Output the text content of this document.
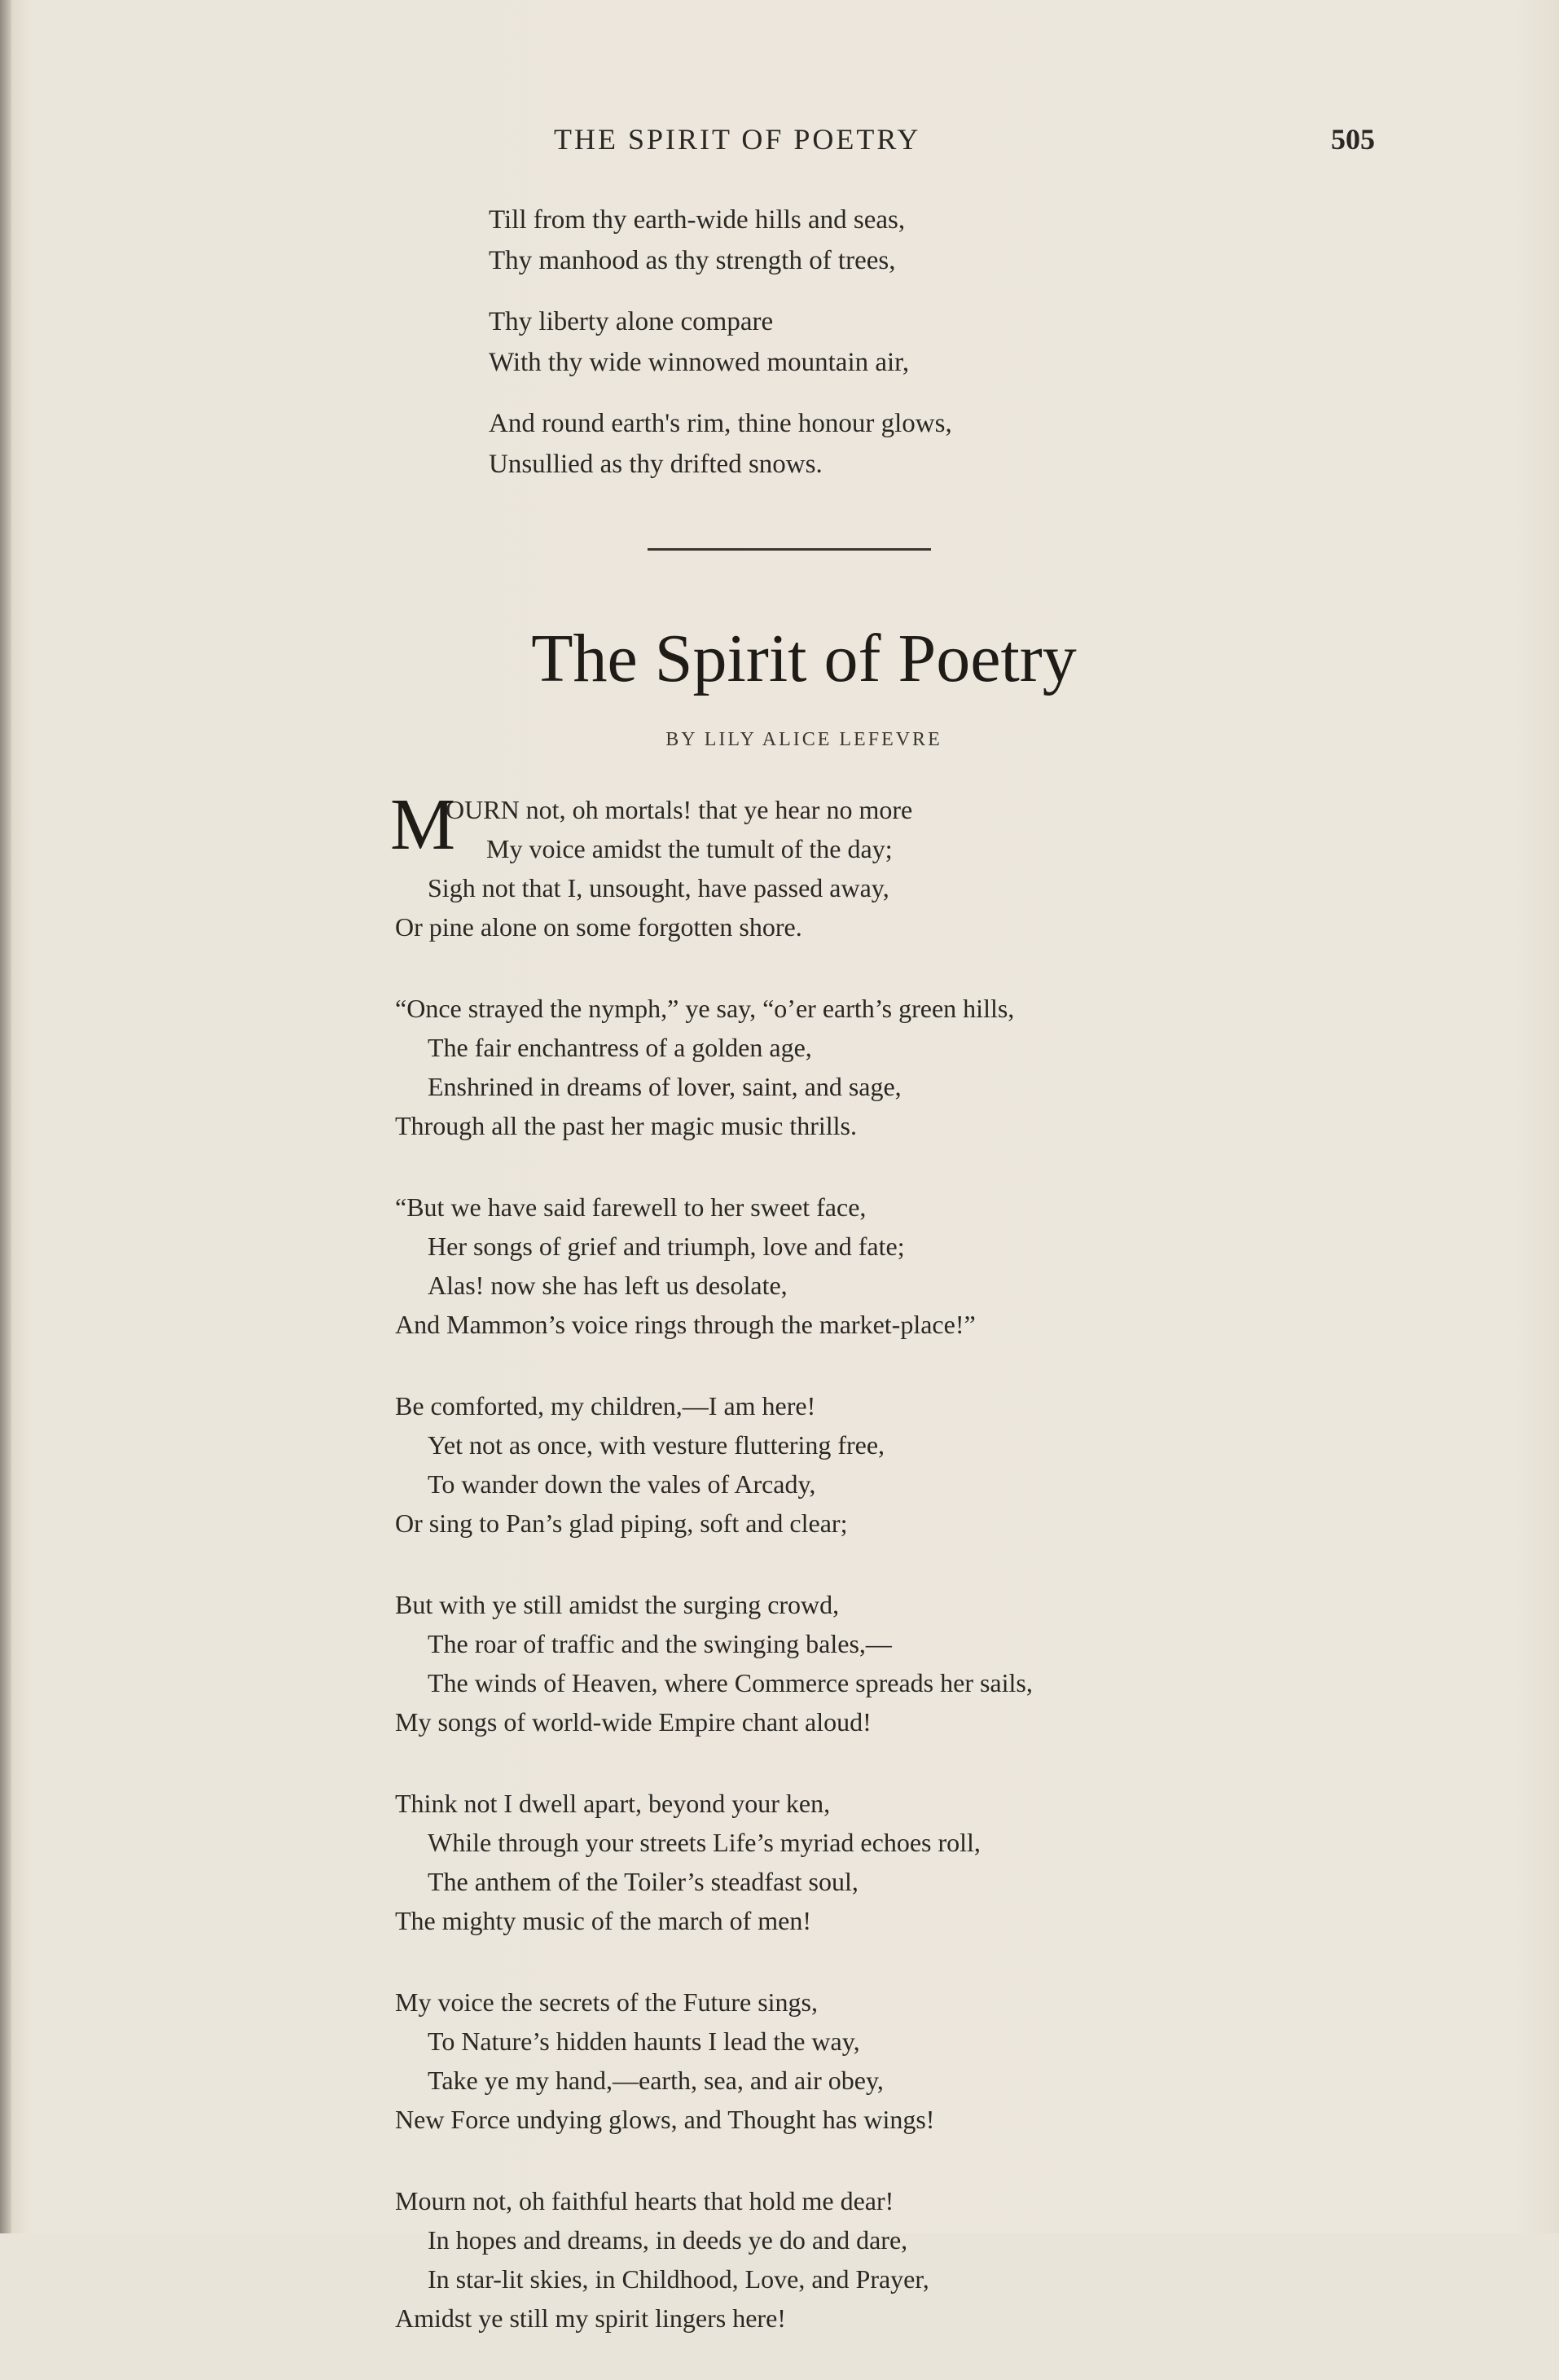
THE SPIRIT OF POETRY	505
Till from thy earth-wide hills and seas,
Thy manhood as thy strength of trees,
Thy liberty alone compare
With thy wide winnowed mountain air,
And round earth's rim, thine honour glows,
Unsullied as thy drifted snows.
The Spirit of Poetry
BY LILY ALICE LEFEVRE
M
OURN not, oh mortals! that ye hear no more
My voice amidst the tumult of the day;
Sigh not that I, unsought, have passed away,
Or pine alone on some forgotten shore.
“Once strayed the nymph,” ye say, “o’er earth’s green hills,
The fair enchantress of a golden age,
Enshrined in dreams of lover, saint, and sage,
Through all the past her magic music thrills.
“But we have said farewell to her sweet face,
Her songs of grief and triumph, love and fate;
Alas! now she has left us desolate,
And Mammon’s voice rings through the market-place!”
Be comforted, my children,—I am here!
Yet not as once, with vesture fluttering free,
To wander down the vales of Arcady,
Or sing to Pan’s glad piping, soft and clear;
But with ye still amidst the surging crowd,
The roar of traffic and the swinging bales,—
The winds of Heaven, where Commerce spreads her sails,
My songs of world-wide Empire chant aloud!
Think not I dwell apart, beyond your ken,
While through your streets Life’s myriad echoes roll,
The anthem of the Toiler’s steadfast soul,
The mighty music of the march of men!
My voice the secrets of the Future sings,
To Nature’s hidden haunts I lead the way,
Take ye my hand,—earth, sea, and air obey,
New Force undying glows, and Thought has wings!
Mourn not, oh faithful hearts that hold me dear!
In hopes and dreams, in deeds ye do and dare,
In star-lit skies, in Childhood, Love, and Prayer,
Amidst ye still my spirit lingers here!
